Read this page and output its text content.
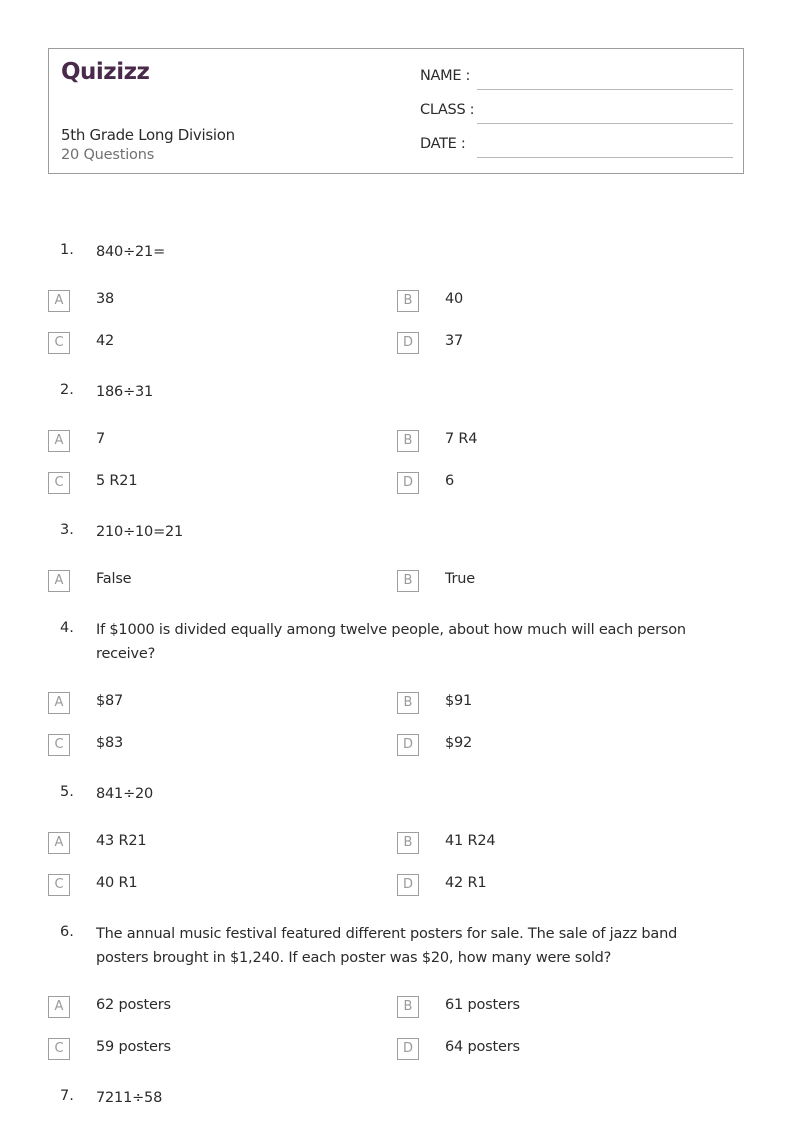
Quizizz
5th Grade Long Division
20 Questions
NAME :
CLASS :
DATE :
1.	840÷21=
A	38	B	40
C	42	D	37
2.	186÷31
A	7	B	7 R4
C	5 R21	D	6
3.	210÷10=21
A	False	B	True
4.	If $1000 is divided equally among twelve people, about how much will each person receive?
A	$87	B	$91
C	$83	D	$92
5.	841÷20
A	43 R21	B	41 R24
C	40 R1	D	42 R1
6.	The annual music festival featured different posters for sale. The sale of jazz band posters brought in $1,240. If each poster was $20, how many were sold?
A	62 posters	B	61 posters
C	59 posters	D	64 posters
7.	7211÷58
